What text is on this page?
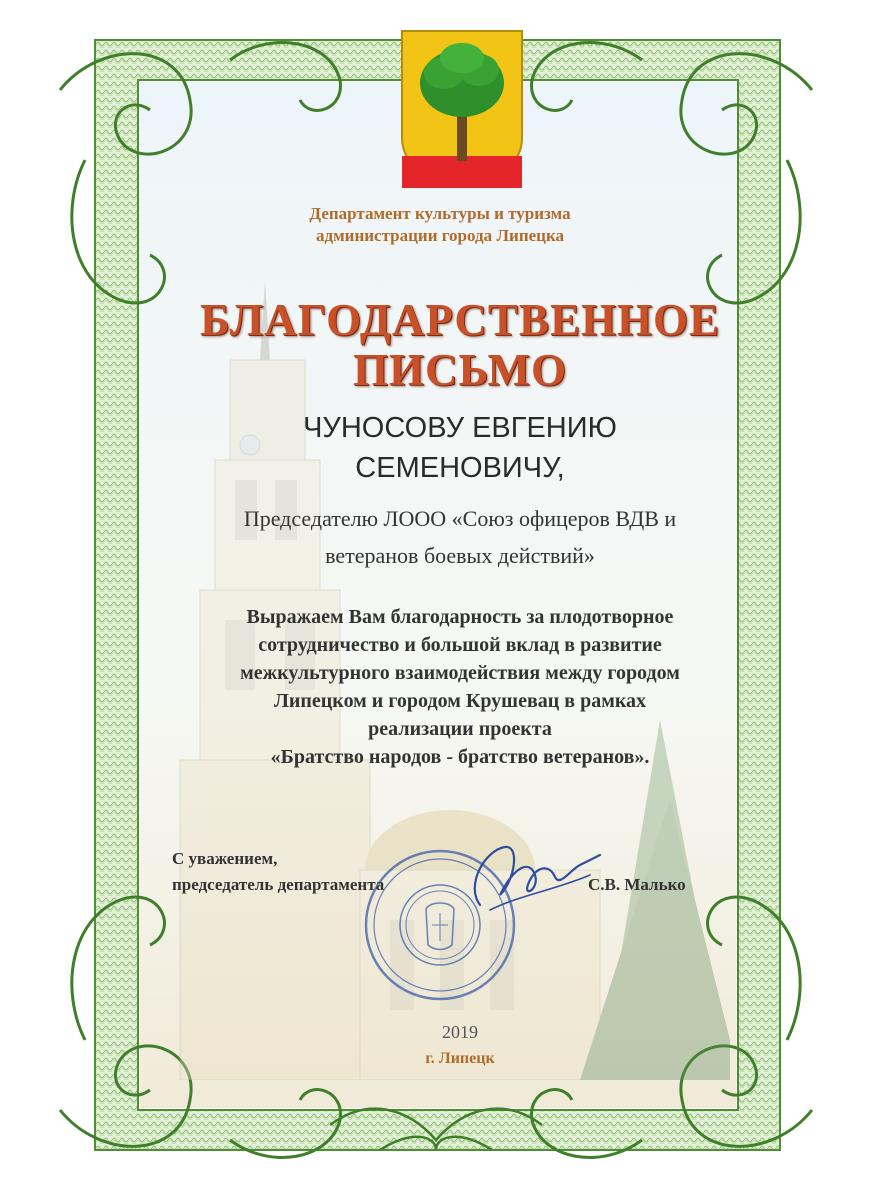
Департамент культуры и туризма
администрации города Липецка
БЛАГОДАРСТВЕННОЕ
ПИСЬМО
ЧУНОСОВУ ЕВГЕНИЮ
СЕМЕНОВИЧУ,
Председателю ЛООО «Союз офицеров ВДВ и
ветеранов боевых действий»
Выражаем Вам благодарность за плодотворное
сотрудничество и большой вклад в развитие
межкультурного взаимодействия между городом
Липецком и городом Крушевац в рамках
реализации проекта
«Братство народов - братство ветеранов».
С уважением,
председатель департамента	С.В. Малько
2019
г. Липецк
